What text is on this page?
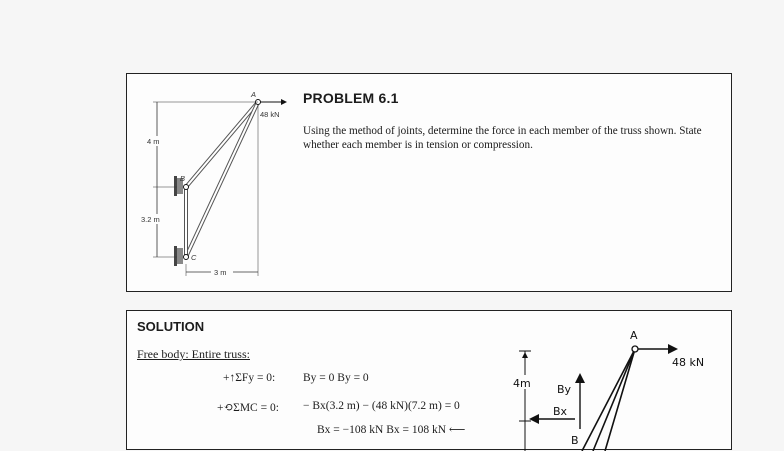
48 kN
A
B
C
4 m
3.2 m
3 m
PROBLEM 6.1
Using the method of joints, determine the force in each member of the truss shown. State whether each member is in tension or compression.
SOLUTION
Free body: Entire truss:
+↑ΣFy = 0: By = 0 By = 0
+⟲ΣMC = 0: − Bx(3.2 m) − (48 kN)(7.2 m) = 0
Bx = −108 kN Bx = 108 kN ⟵
A
48 kN
4m By
Bx
B
